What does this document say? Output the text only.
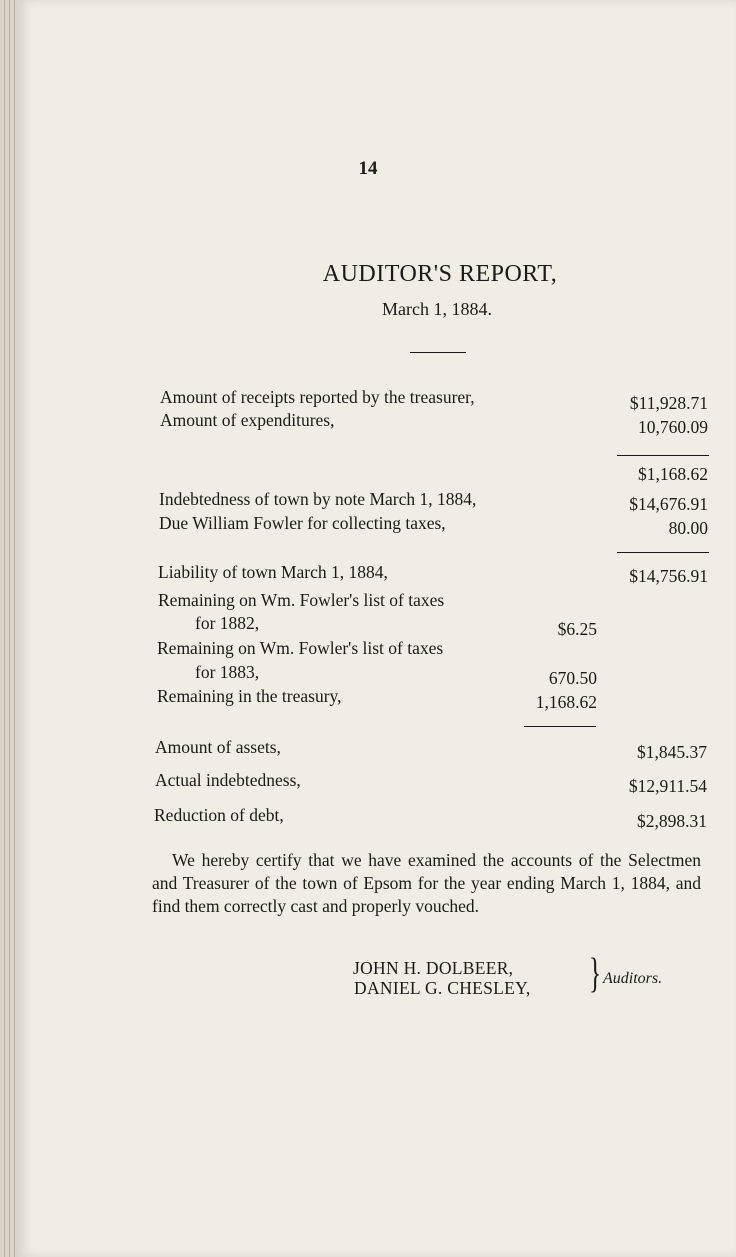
14
AUDITOR'S REPORT,
March 1, 1884.
Amount of receipts reported by the treasurer,	$11,928.71
Amount of expenditures,	10,760.09
$1,168.62
Indebtedness of town by note March 1, 1884,	$14,676.91
Due William Fowler for collecting taxes,	80.00
Liability of town March 1, 1884,	$14,756.91
Remaining on Wm. Fowler's list of taxes
for 1882,	$6.25
Remaining on Wm. Fowler's list of taxes
for 1883,	670.50
Remaining in the treasury,	1,168.62
Amount of assets,	$1,845.37
Actual indebtedness,	$12,911.54
Reduction of debt,	$2,898.31
We hereby certify that we have examined the accounts of the Selectmen and Treasurer of the town of Epsom for the year ending March 1, 1884, and find them correctly cast and properly vouched.
JOHN H. DOLBEER,
DANIEL G. CHESLEY, } Auditors.
